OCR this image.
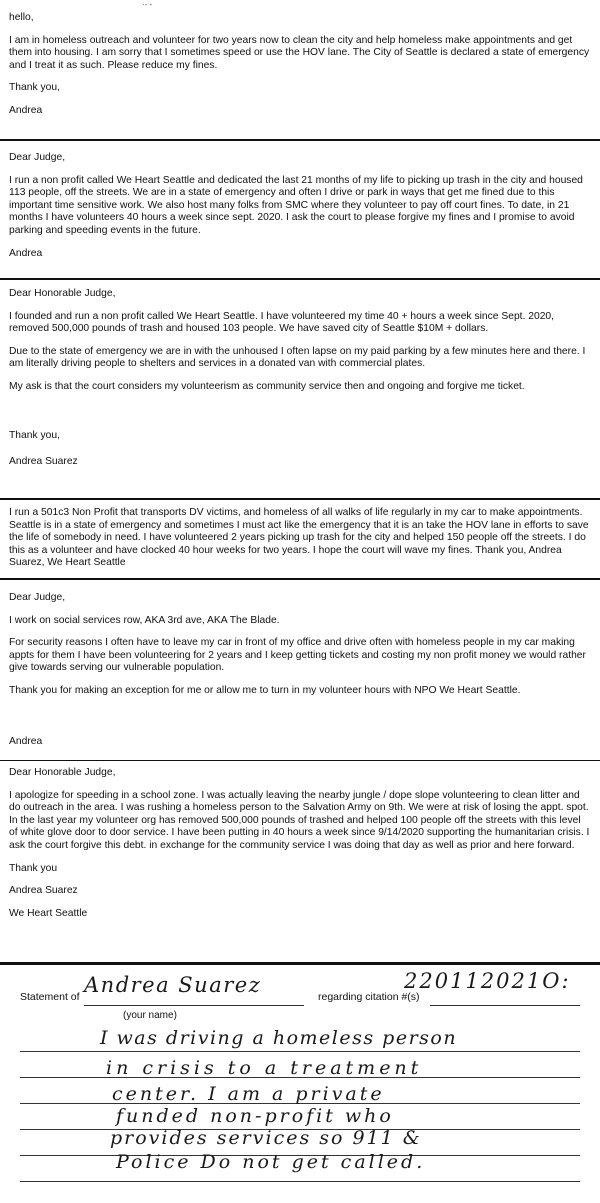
·‐ ‐

hello,

I am in homeless outreach and volunteer for two years now to clean the city and help homeless make appointments and get them into housing. I am sorry that I sometimes speed or use the HOV lane. The City of Seattle is declared a state of emergency and I treat it as such. Please reduce my fines.

Thank you,

Andrea

Dear Judge,

I run a non profit called We Heart Seattle and dedicated the last 21 months of my life to picking up trash in the city and housed 113 people, off the streets. We are in a state of emergency and often I drive or park in ways that get me fined due to this important time sensitive work. We also host many folks from SMC where they volunteer to pay off court fines. To date, in 21 months I have volunteers 40 hours a week since sept. 2020. I ask the court to please forgive my fines and I promise to avoid parking and speeding events in the future.

Andrea

Dear Honorable Judge,

I founded and run a non profit called We Heart Seattle. I have volunteered my time 40 + hours a week since Sept. 2020, removed 500,000 pounds of trash and housed 103 people. We have saved city of Seattle $10M + dollars.

Due to the state of emergency we are in with the unhoused I often lapse on my paid parking by a few minutes here and there. I am literally driving people to shelters and services in a donated van with commercial plates.

My ask is that the court considers my volunteerism as community service then and ongoing and forgive me ticket.

Thank you,

Andrea Suarez

I run a 501c3 Non Profit that transports DV victims, and homeless of all walks of life regularly in my car to make appointments. Seattle is in a state of emergency and sometimes I must act like the emergency that it is an take the HOV lane in efforts to save the life of somebody in need. I have volunteered 2 years picking up trash for the city and helped 150 people off the streets. I do this as a volunteer and have clocked 40 hour weeks for two years. I hope the court will wave my fines. Thank you, Andrea Suarez, We Heart Seattle

Dear Judge,

I work on social services row, AKA 3rd ave, AKA The Blade.

For security reasons I often have to leave my car in front of my office and drive often with homeless people in my car making appts for them I have been volunteering for 2 years and I keep getting tickets and costing my non profit money we would rather give towards serving our vulnerable population.

Thank you for making an exception for me or allow me to turn in my volunteer hours with NPO We Heart Seattle.

Andrea

Dear Honorable Judge,

I apologize for speeding in a school zone. I was actually leaving the nearby jungle / dope slope volunteering to clean litter and do outreach in the area. I was rushing a homeless person to the Salvation Army on 9th. We were at risk of losing the appt. spot. In the last year my volunteer org has removed 500,000 pounds of trashed and helped 100 people off the streets with this level of white glove door to door service. I have been putting in 40 hours a week since 9/14/2020 supporting the humanitarian crisis. I ask the court forgive this debt. in exchange for the community service I was doing that day as well as prior and here forward.

Thank you

Andrea Suarez

We Heart Seattle

Statement of Andrea Suarez
(your name)
regarding citation #(s)
220112021O:
I was driving a homeless person
in crisis to a treatment
center. I am a private
funded non-profit who
provides services so 911 &
Police Do not get called.
